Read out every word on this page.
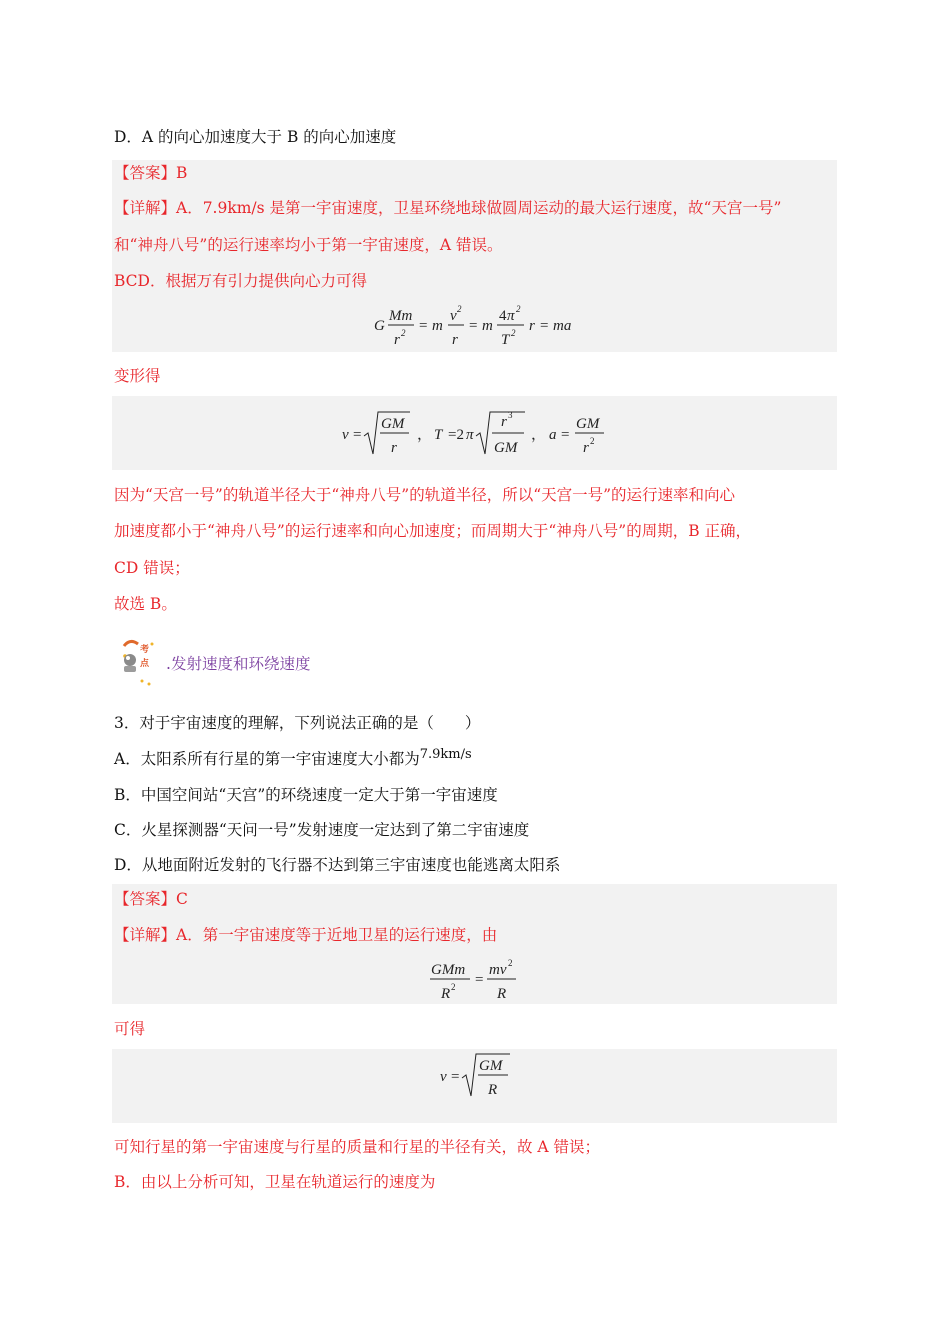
D．A 的向心加速度大于 B 的向心加速度
【答案】B
【详解】A．7.9km/s 是第一宇宙速度，卫星环绕地球做圆周运动的最大运行速度，故“天宫一号”
和“神舟八号”的运行速率均小于第一宇宙速度，A 错误。
BCD．根据万有引力提供向心力可得
G
Mm
r 2 = m
v 2
r
= m
4 π 2
T 2 r = ma
变形得
v =
GM
r
， T =2 π
r 3
GM
， a =
GM
r 2
因为“天宫一号”的轨道半径大于“神舟八号”的轨道半径，所以“天宫一号”的运行速率和向心
加速度都小于“神舟八号”的运行速率和向心加速度；而周期大于“神舟八号”的周期，B 正确，
CD 错误；
故选 B。
考
点 .发射速度和环绕速度
3．对于宇宙速度的理解，下列说法正确的是（　　）
A．太阳系所有行星的第一宇宙速度大小都为$^{7.9km/s}$
B．中国空间站“天宫”的环绕速度一定大于第一宇宙速度
C．火星探测器“天问一号”发射速度一定达到了第二宇宙速度
D．从地面附近发射的飞行器不达到第三宇宙速度也能逃离太阳系
【答案】C
【详解】A．第一宇宙速度等于近地卫星的运行速度，由
GMm
R 2 =
mv 2
R
可得
v =
GM
R
可知行星的第一宇宙速度与行星的质量和行星的半径有关，故 A 错误；
B．由以上分析可知，卫星在轨道运行的速度为
